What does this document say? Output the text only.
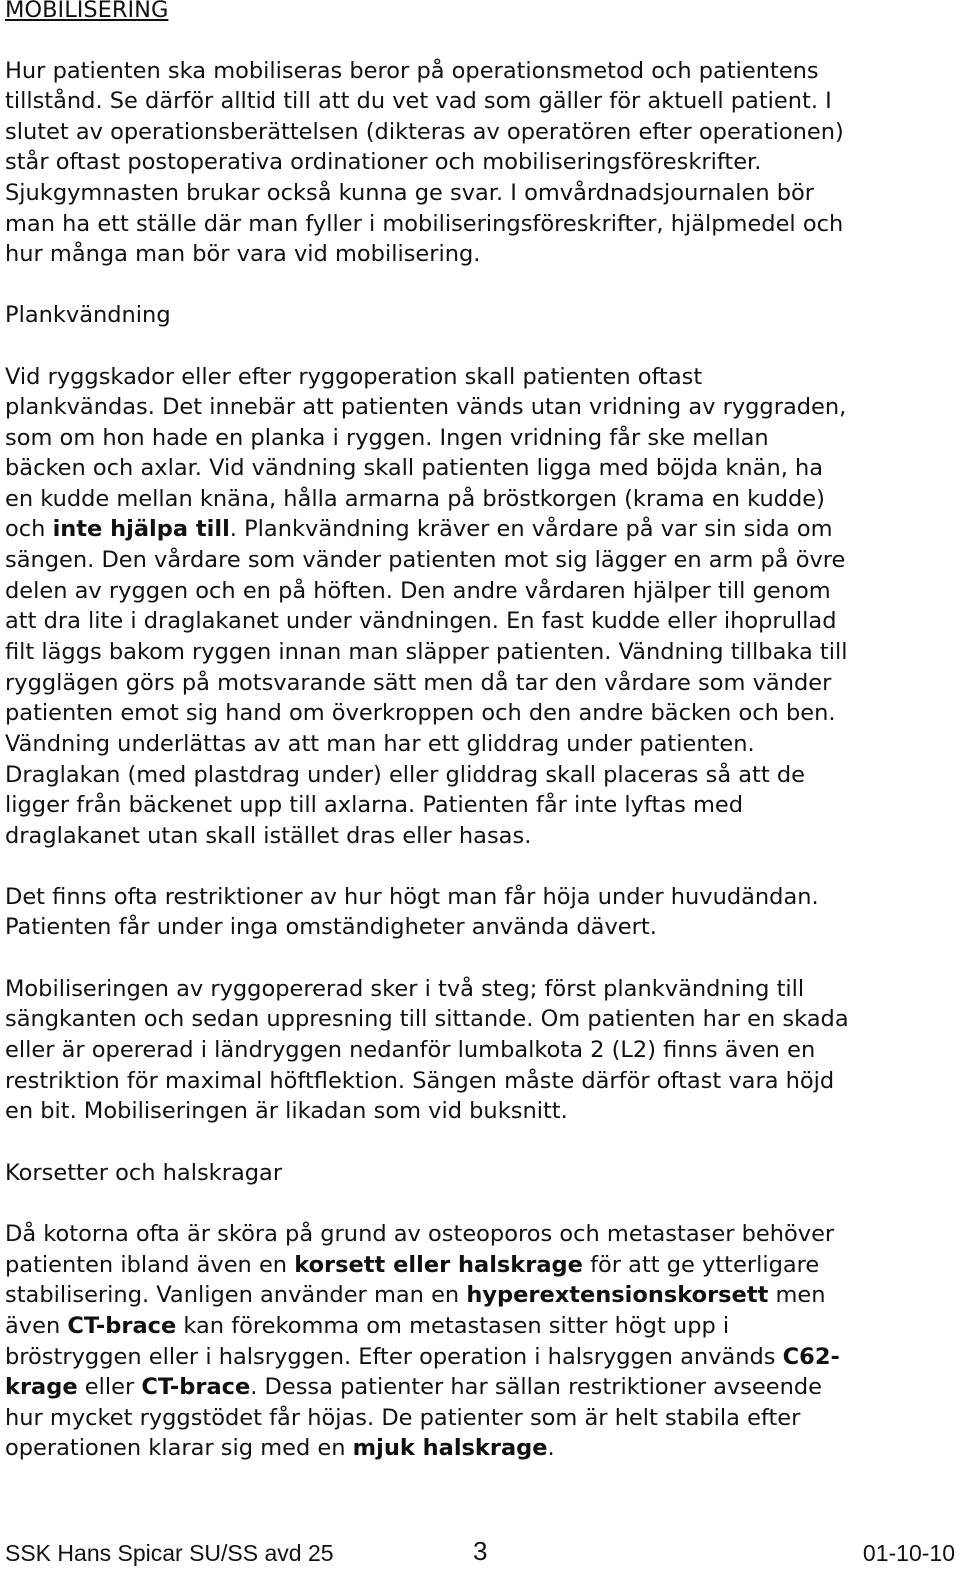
MOBILISERING
Hur patienten ska mobiliseras beror på operationsmetod och patientens
tillstånd. Se därför alltid till att du vet vad som gäller för aktuell patient. I
slutet av operationsberättelsen (dikteras av operatören efter operationen)
står oftast postoperativa ordinationer och mobiliseringsföreskrifter.
Sjukgymnasten brukar också kunna ge svar. I omvårdnadsjournalen bör
man ha ett ställe där man fyller i mobiliseringsföreskrifter, hjälpmedel och
hur många man bör vara vid mobilisering.
Plankvändning
Vid ryggskador eller efter ryggoperation skall patienten oftast
plankvändas. Det innebär att patienten vänds utan vridning av ryggraden,
som om hon hade en planka i ryggen. Ingen vridning får ske mellan
bäcken och axlar. Vid vändning skall patienten ligga med böjda knän, ha
en kudde mellan knäna, hålla armarna på bröstkorgen (krama en kudde)
och inte hjälpa till. Plankvändning kräver en vårdare på var sin sida om
sängen. Den vårdare som vänder patienten mot sig lägger en arm på övre
delen av ryggen och en på höften. Den andre vårdaren hjälper till genom
att dra lite i draglakanet under vändningen. En fast kudde eller ihoprullad
filt läggs bakom ryggen innan man släpper patienten. Vändning tillbaka till
rygglägen görs på motsvarande sätt men då tar den vårdare som vänder
patienten emot sig hand om överkroppen och den andre bäcken och ben.
Vändning underlättas av att man har ett gliddrag under patienten.
Draglakan (med plastdrag under) eller gliddrag skall placeras så att de
ligger från bäckenet upp till axlarna. Patienten får inte lyftas med
draglakanet utan skall istället dras eller hasas.
Det finns ofta restriktioner av hur högt man får höja under huvudändan.
Patienten får under inga omständigheter använda dävert.
Mobiliseringen av ryggopererad sker i två steg; först plankvändning till
sängkanten och sedan uppresning till sittande. Om patienten har en skada
eller är opererad i ländryggen nedanför lumbalkota 2 (L2) finns även en
restriktion för maximal höftflektion. Sängen måste därför oftast vara höjd
en bit. Mobiliseringen är likadan som vid buksnitt.
Korsetter och halskragar
Då kotorna ofta är sköra på grund av osteoporos och metastaser behöver
patienten ibland även en korsett eller halskrage för att ge ytterligare
stabilisering. Vanligen använder man en hyperextensionskorsett men
även CT-brace kan förekomma om metastasen sitter högt upp i
bröstryggen eller i halsryggen. Efter operation i halsryggen används C62-
krage eller CT-brace. Dessa patienter har sällan restriktioner avseende
hur mycket ryggstödet får höjas. De patienter som är helt stabila efter
operationen klarar sig med en mjuk halskrage.
SSK Hans Spicar SU/SS avd 25	3	01-10-10
